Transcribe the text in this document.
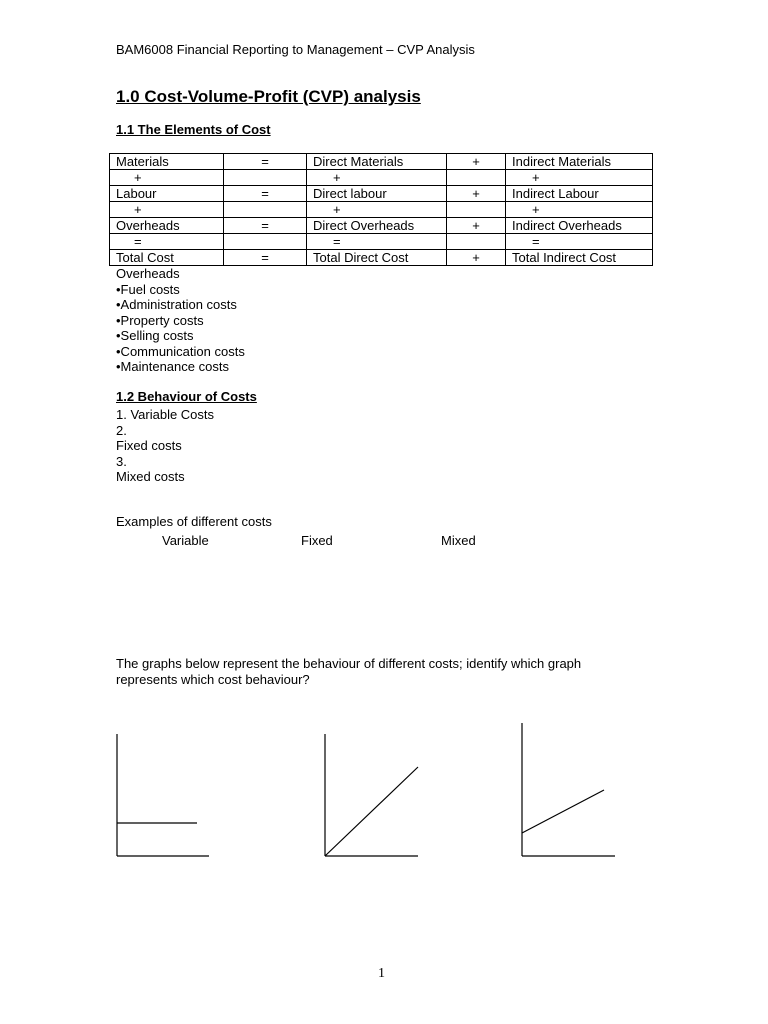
BAM6008 Financial Reporting to Management – CVP Analysis
1.0 Cost-Volume-Profit (CVP) analysis
1.1 The Elements of Cost
Materials	=	Direct Materials	+	Indirect Materials
+		+		+
Labour	=	Direct labour	+	Indirect Labour
+		+		+
Overheads	=	Direct Overheads	+	Indirect Overheads
=		=		=
Total Cost	=	Total Direct Cost	+	Total Indirect Cost
Overheads
•Fuel costs
•Administration costs
•Property costs
•Selling costs
•Communication costs
•Maintenance costs
1.2 Behaviour of Costs
1. Variable Costs
2.
Fixed costs
3.
Mixed costs
Examples of different costs
Variable	Fixed	Mixed
The graphs below represent the behaviour of different costs; identify which graph
represents which cost behaviour?
1
